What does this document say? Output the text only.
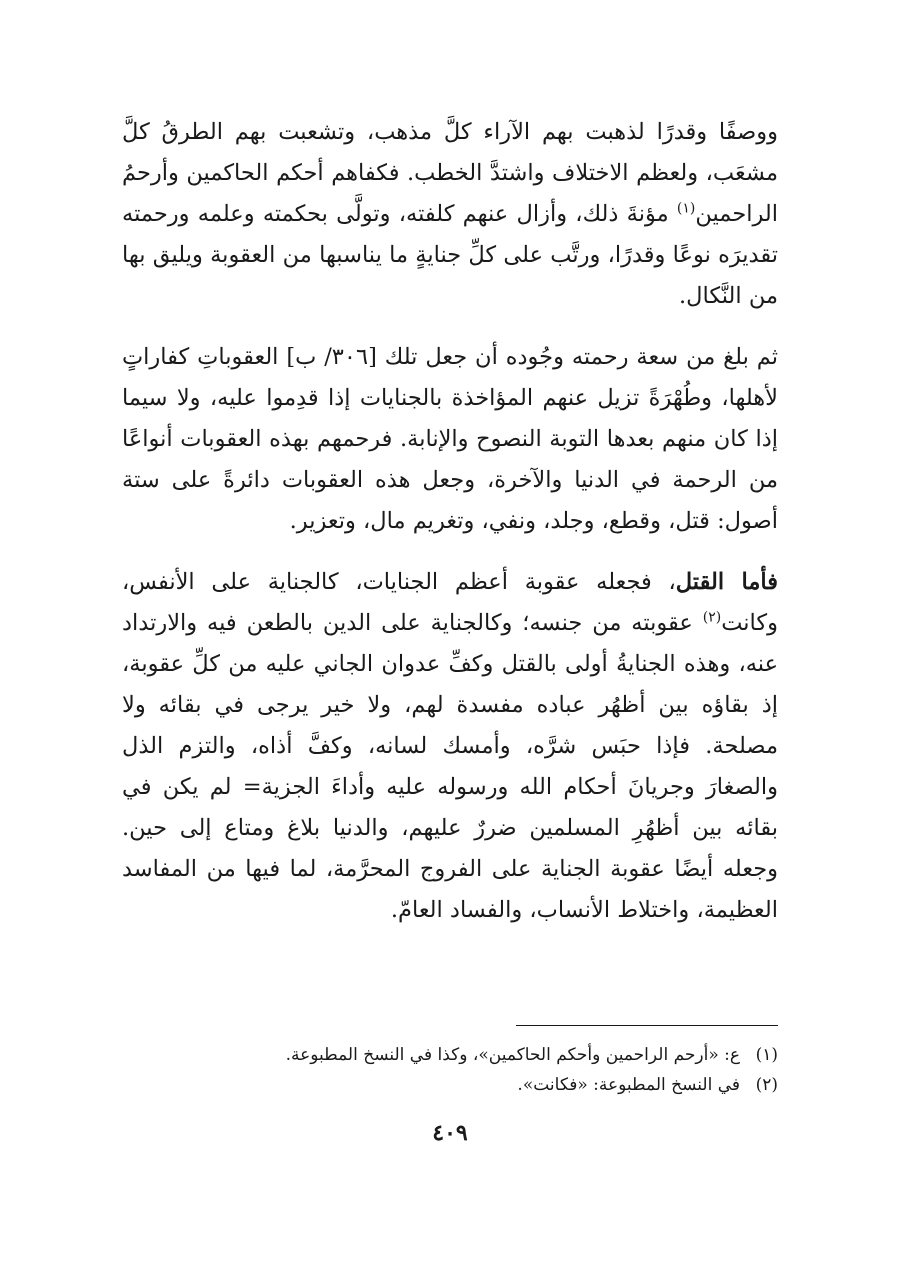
ووصفًا وقدرًا لذهبت بهم الآراء كلَّ مذهب، وتشعبت بهم الطرقُ كلَّ مشعَب، ولعظم الاختلاف واشتدَّ الخطب. فكفاهم أحكم الحاكمين وأرحمُ الراحمين$^{(١)}$ مؤنةَ ذلك، وأزال عنهم كلفته، وتولَّى بحكمته وعلمه ورحمته تقديرَه نوعًا وقدرًا، ورتَّب على كلِّ جنايةٍ ما يناسبها من العقوبة ويليق بها من النَّكال.

ثم بلغ من سعة رحمته وجُوده أن جعل تلك [٣٠٦/ ب] العقوباتِ كفاراتٍ لأهلها، وطُهْرَةً تزيل عنهم المؤاخذة بالجنايات إذا قدِموا عليه، ولا سيما إذا كان منهم بعدها التوبة النصوح والإنابة. فرحمهم بهذه العقوبات أنواعًا من الرحمة في الدنيا والآخرة، وجعل هذه العقوبات دائرةً على ستة أصول: قتل، وقطع، وجلد، ونفي، وتغريم مال، وتعزير.

فأما القتل، فجعله عقوبة أعظم الجنايات، كالجناية على الأنفس، وكانت$^{(٢)}$ عقوبته من جنسه؛ وكالجناية على الدين بالطعن فيه والارتداد عنه، وهذه الجنايةُ أولى بالقتل وكفِّ عدوان الجاني عليه من كلِّ عقوبة، إذ بقاؤه بين أظهُر عباده مفسدة لهم، ولا خير يرجى في بقائه ولا مصلحة. فإذا حبَس شرَّه، وأمسك لسانه، وكفَّ أذاه، والتزم الذل والصغارَ وجريانَ أحكام الله ورسوله عليه وأداءَ الجزية= لم يكن في بقائه بين أظهُرِ المسلمين ضررٌ عليهم، والدنيا بلاغ ومتاع إلى حين. وجعله أيضًا عقوبة الجناية على الفروج المحرَّمة، لما فيها من المفاسد العظيمة، واختلاط الأنساب، والفساد العامّ.

(١)ع: «أرحم الراحمين وأحكم الحاكمين»، وكذا في النسخ المطبوعة.
(٢)في النسخ المطبوعة: «فكانت».
٤٠٩
